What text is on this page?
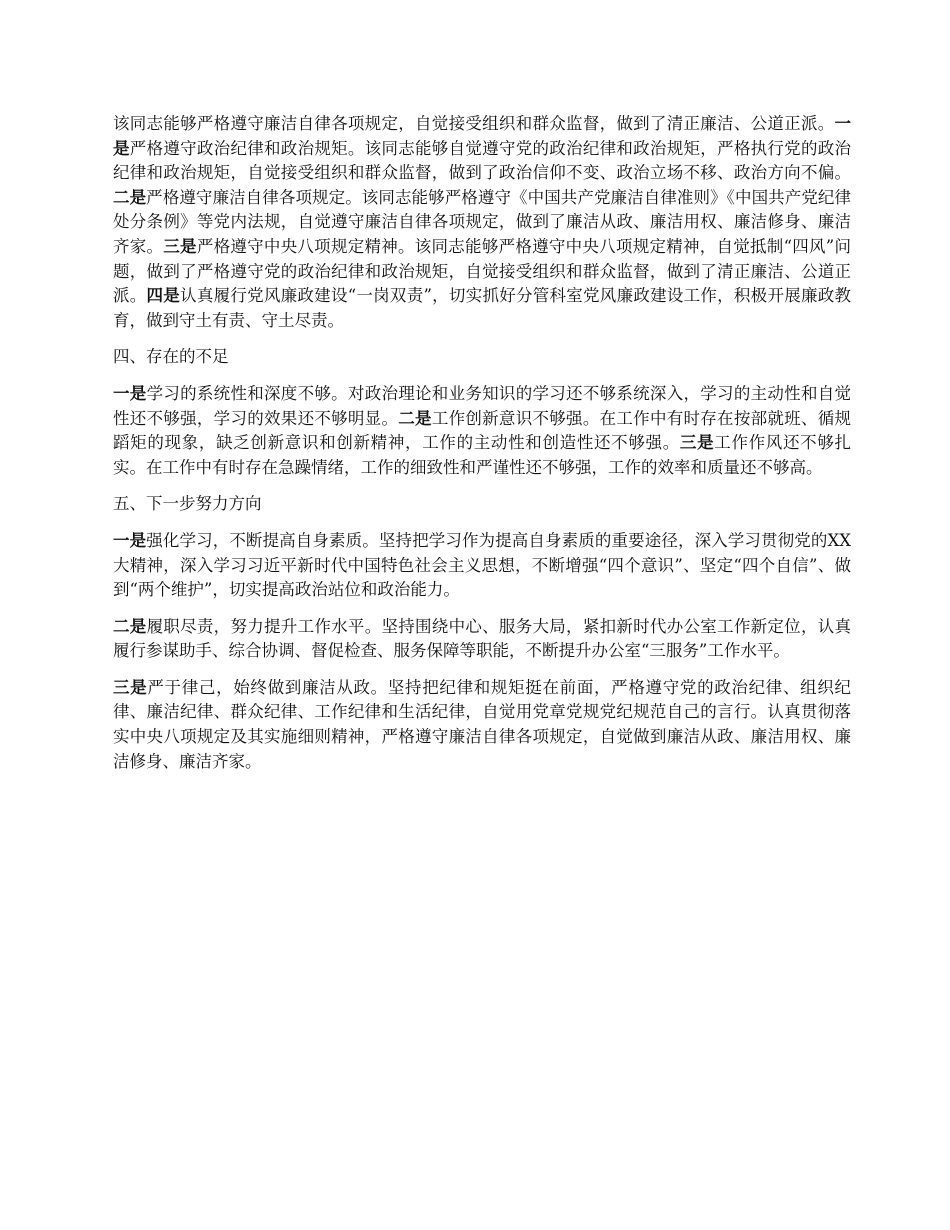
该同志能够严格遵守廉洁自律各项规定，自觉接受组织和群众监督，做到了清正廉洁、公道正派。一是严格遵守政治纪律和政治规矩。该同志能够自觉遵守党的政治纪律和政治规矩，严格执行党的政治纪律和政治规矩，自觉接受组织和群众监督，做到了政治信仰不变、政治立场不移、政治方向不偏。二是严格遵守廉洁自律各项规定。该同志能够严格遵守《中国共产党廉洁自律准则》《中国共产党纪律处分条例》等党内法规，自觉遵守廉洁自律各项规定，做到了廉洁从政、廉洁用权、廉洁修身、廉洁齐家。三是严格遵守中央八项规定精神。该同志能够严格遵守中央八项规定精神，自觉抵制“四风”问题，做到了严格遵守党的政治纪律和政治规矩，自觉接受组织和群众监督，做到了清正廉洁、公道正派。四是认真履行党风廉政建设“一岗双责”，切实抓好分管科室党风廉政建设工作，积极开展廉政教育，做到守土有责、守土尽责。

四、存在的不足

一是学习的系统性和深度不够。对政治理论和业务知识的学习还不够系统深入，学习的主动性和自觉性还不够强，学习的效果还不够明显。二是工作创新意识不够强。在工作中有时存在按部就班、循规蹈矩的现象，缺乏创新意识和创新精神，工作的主动性和创造性还不够强。三是工作作风还不够扎实。在工作中有时存在急躁情绪，工作的细致性和严谨性还不够强，工作的效率和质量还不够高。

五、下一步努力方向

一是强化学习，不断提高自身素质。坚持把学习作为提高自身素质的重要途径，深入学习贯彻党的XX大精神，深入学习习近平新时代中国特色社会主义思想，不断增强“四个意识”、坚定“四个自信”、做到“两个维护”，切实提高政治站位和政治能力。

二是履职尽责，努力提升工作水平。坚持围绕中心、服务大局，紧扣新时代办公室工作新定位，认真履行参谋助手、综合协调、督促检查、服务保障等职能，不断提升办公室“三服务”工作水平。

三是严于律己，始终做到廉洁从政。坚持把纪律和规矩挺在前面，严格遵守党的政治纪律、组织纪律、廉洁纪律、群众纪律、工作纪律和生活纪律，自觉用党章党规党纪规范自己的言行。认真贯彻落实中央八项规定及其实施细则精神，严格遵守廉洁自律各项规定，自觉做到廉洁从政、廉洁用权、廉洁修身、廉洁齐家。
